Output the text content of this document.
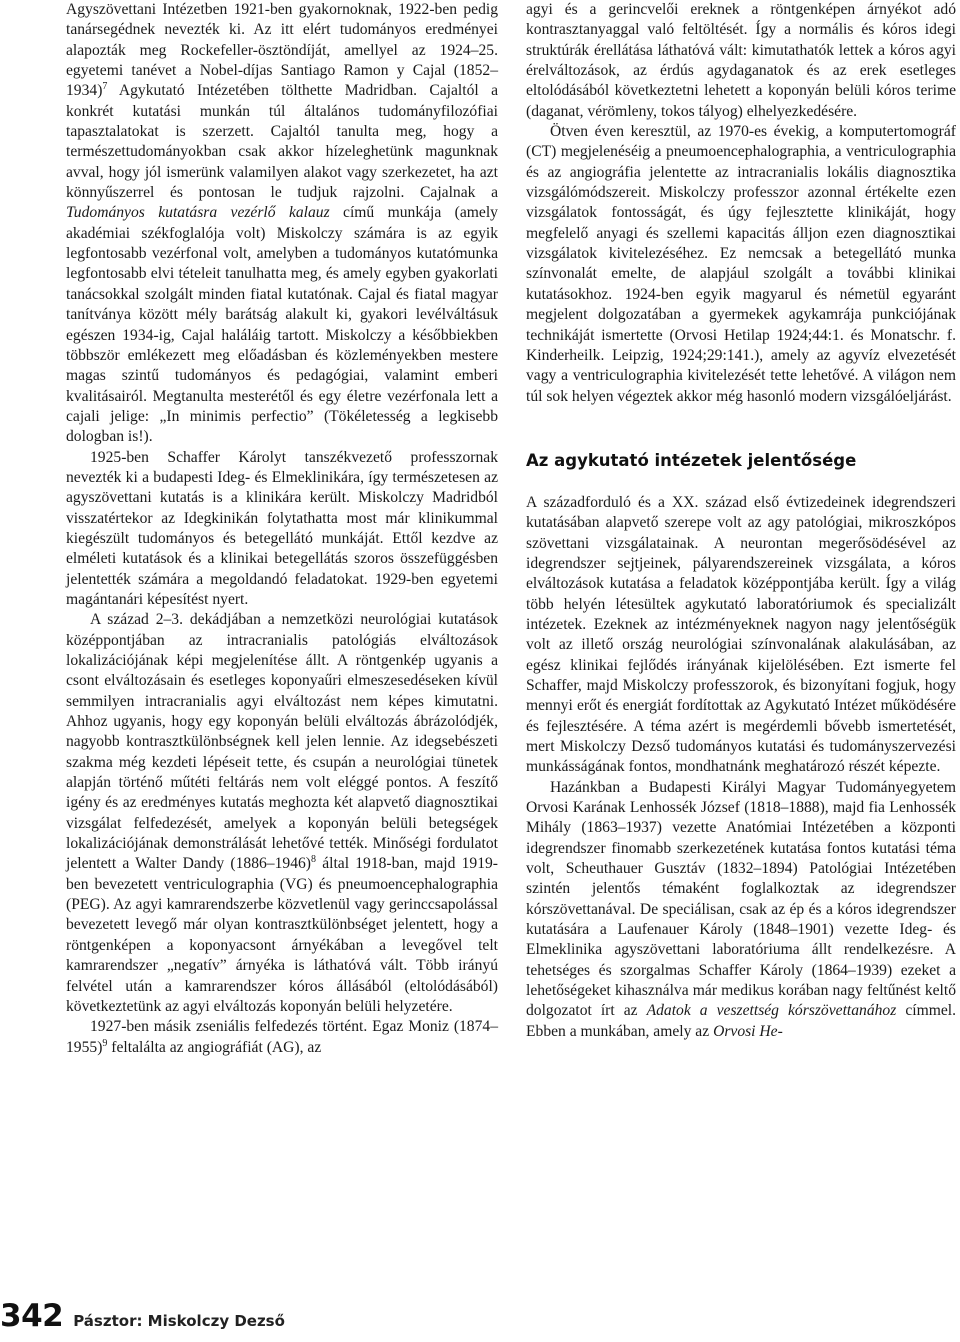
Agyszövettani Intézetben 1921-ben gyakornoknak, 1922-ben pedig tanársegédnek nevezték ki. Az itt elért tudományos eredményei alapozták meg Rockefeller-ösztöndíját, amellyel az 1924–25. egyetemi tanévet a Nobel-díjas Santiago Ramon y Cajal (1852–1934)$^7$ Agykutató Intézetében tölthette Madridban. Cajaltól a konkrét kutatási munkán túl általános tudományfilozófiai tapasztalatokat is szerzett. Cajaltól tanulta meg, hogy a természettudományokban csak akkor hízeleghetünk magunknak avval, hogy jól ismerünk valamilyen alakot vagy szerkezetet, ha azt könnyűszerrel és pontosan le tudjuk rajzolni. Cajalnak a Tudományos kutatásra vezérlő kalauz című munkája (amely akadémiai székfoglalója volt) Miskolczy számára is az egyik legfontosabb vezérfonal volt, amelyben a tudományos kutatómunka legfontosabb elvi tételeit tanulhatta meg, és amely egyben gyakorlati tanácsokkal szolgált minden fiatal kutatónak. Cajal és fiatal magyar tanítványa között mély barátság alakult ki, gyakori levélváltásuk egészen 1934-ig, Cajal haláláig tartott. Miskolczy a későbbiekben többször emlékezett meg előadásban és közleményekben mestere magas szintű tudományos és pedagógiai, valamint emberi kvalitásairól. Megtanulta mesterétől és egy életre vezérfonala lett a cajali jelige: „In minimis perfectio” (Tökéletesség a legkisebb dologban is!).

1925-ben Schaffer Károlyt tanszékvezető professzornak nevezték ki a budapesti Ideg- és Elmeklinikára, így természetesen az agyszövettani kutatás is a klinikára került. Miskolczy Madridból visszatértekor az Idegkinikán folytathatta most már klinikummal kiegészült tudományos és betegellátó munkáját. Ettől kezdve az elméleti kutatások és a klinikai betegellátás szoros összefüggésben jelentették számára a megoldandó feladatokat. 1929-ben egyetemi magántanári képesítést nyert.

A század 2–3. dekádjában a nemzetközi neurológiai kutatások középpontjában az intracranialis patológiás elváltozások lokalizációjának képi megjelenítése állt. A röntgenkép ugyanis a csont elváltozásain és esetleges koponyaűri elmeszesedéseken kívül semmilyen intracranialis agyi elváltozást nem képes kimutatni. Ahhoz ugyanis, hogy egy koponyán belüli elváltozás ábrázolódjék, nagyobb kontrasztkülönbségnek kell jelen lennie. Az idegsebészeti szakma még kezdeti lépéseit tette, és csupán a neurológiai tünetek alapján történő műtéti feltárás nem volt eléggé pontos. A feszítő igény és az eredményes kutatás meghozta két alapvető diagnosztikai vizsgálat felfedezését, amelyek a koponyán belüli betegségek lokalizációjának demonstrálását lehetővé tették. Minőségi fordulatot jelentett a Walter Dandy (1886–1946)$^8$ által 1918-ban, majd 1919-ben bevezetett ventriculographia (VG) és pneumoencephalographia (PEG). Az agyi kamrarendszerbe közvetlenül vagy gerinccsapolással bevezetett levegő már olyan kontrasztkülönbséget jelentett, hogy a röntgenképen a koponyacsont árnyékában a levegővel telt kamrarendszer „negatív” árnyéka is láthatóvá vált. Több irányú felvétel után a kamrarendszer kóros állásából (eltolódásából) következtetünk az agyi elváltozás koponyán belüli helyzetére.

1927-ben másik zseniális felfedezés történt. Egaz Moniz (1874–1955)$^9$ feltalálta az angiográfiát (AG), az

agyi és a gerincvelői ereknek a röntgenképen árnyékot adó kontrasztanyaggal való feltöltését. Így a normális és kóros idegi struktúrák érellátása láthatóvá vált: kimutathatók lettek a kóros agyi érelváltozások, az érdús agydaganatok és az erek esetleges eltolódásából következtetni lehetett a koponyán belüli kóros terime (daganat, vérömleny, tokos tályog) elhelyezkedésére.

Ötven éven keresztül, az 1970-es évekig, a komputertomográf (CT) megjelenéséig a pneumoencephalographia, a ventriculographia és az angiográfia jelentette az intracranialis lokális diagnosztika vizsgálómódszereit. Miskolczy professzor azonnal értékelte ezen vizsgálatok fontosságát, és úgy fejlesztette klinikáját, hogy megfelelő anyagi és szellemi kapacitás álljon ezen diagnosztikai vizsgálatok kivitelezéséhez. Ez nemcsak a betegellátó munka színvonalát emelte, de alapjául szolgált a további klinikai kutatásokhoz. 1924-ben egyik magyarul és németül egyaránt megjelent dolgozatában a gyermekek agykamrája punkciójának technikáját ismertette (Orvosi Hetilap 1924;44:1. és Monatschr. f. Kinderheilk. Leipzig, 1924;29:141.), amely az agyvíz elvezetését vagy a ventriculographia kivitelezését tette lehetővé. A világon nem túl sok helyen végeztek akkor még hasonló modern vizsgálóeljárást.

Az agykutató intézetek jelentősége

A századforduló és a XX. század első évtizedeinek idegrendszeri kutatásában alapvető szerepe volt az agy patológiai, mikroszkópos szövettani vizsgálatainak. A neurontan megerősödésével az idegrendszer sejtjeinek, pályarendszereinek vizsgálata, a kóros elváltozások kutatása a feladatok középpontjába került. Így a világ több helyén létesültek agykutató laboratóriumok és specializált intézetek. Ezeknek az intézményeknek nagyon nagy jelentőségük volt az illető ország neurológiai színvonalának alakulásában, az egész klinikai fejlődés irányának kijelölésében. Ezt ismerte fel Schaffer, majd Miskolczy professzorok, és bizonyítani fogjuk, hogy mennyi erőt és energiát fordítottak az Agykutató Intézet működésére és fejlesztésére. A téma azért is megérdemli bővebb ismertetését, mert Miskolczy Dezső tudományos kutatási és tudományszervezési munkásságának fontos, mondhatnánk meghatározó részét képezte.

Hazánkban a Budapesti Királyi Magyar Tudományegyetem Orvosi Karának Lenhossék József (1818–1888), majd fia Lenhossék Mihály (1863–1937) vezette Anatómiai Intézetében a központi idegrendszer finomabb szerkezetének kutatása fontos kutatási téma volt, Scheuthauer Gusztáv (1832–1894) Patológiai Intézetében szintén jelentős témaként foglalkoztak az idegrendszer kórszövettanával. De speciálisan, csak az ép és a kóros idegrendszer kutatására a Laufenauer Károly (1848–1901) vezette Ideg- és Elmeklinika agyszövettani laboratóriuma állt rendelkezésre. A tehetséges és szorgalmas Schaffer Károly (1864–1939) ezeket a lehetőségeket kihasználva már medikus korában nagy feltűnést keltő dolgozatot írt az Adatok a veszettség kórszövettanához címmel. Ebben a munkában, amely az Orvosi He-

342 Pásztor: Miskolczy Dezső
